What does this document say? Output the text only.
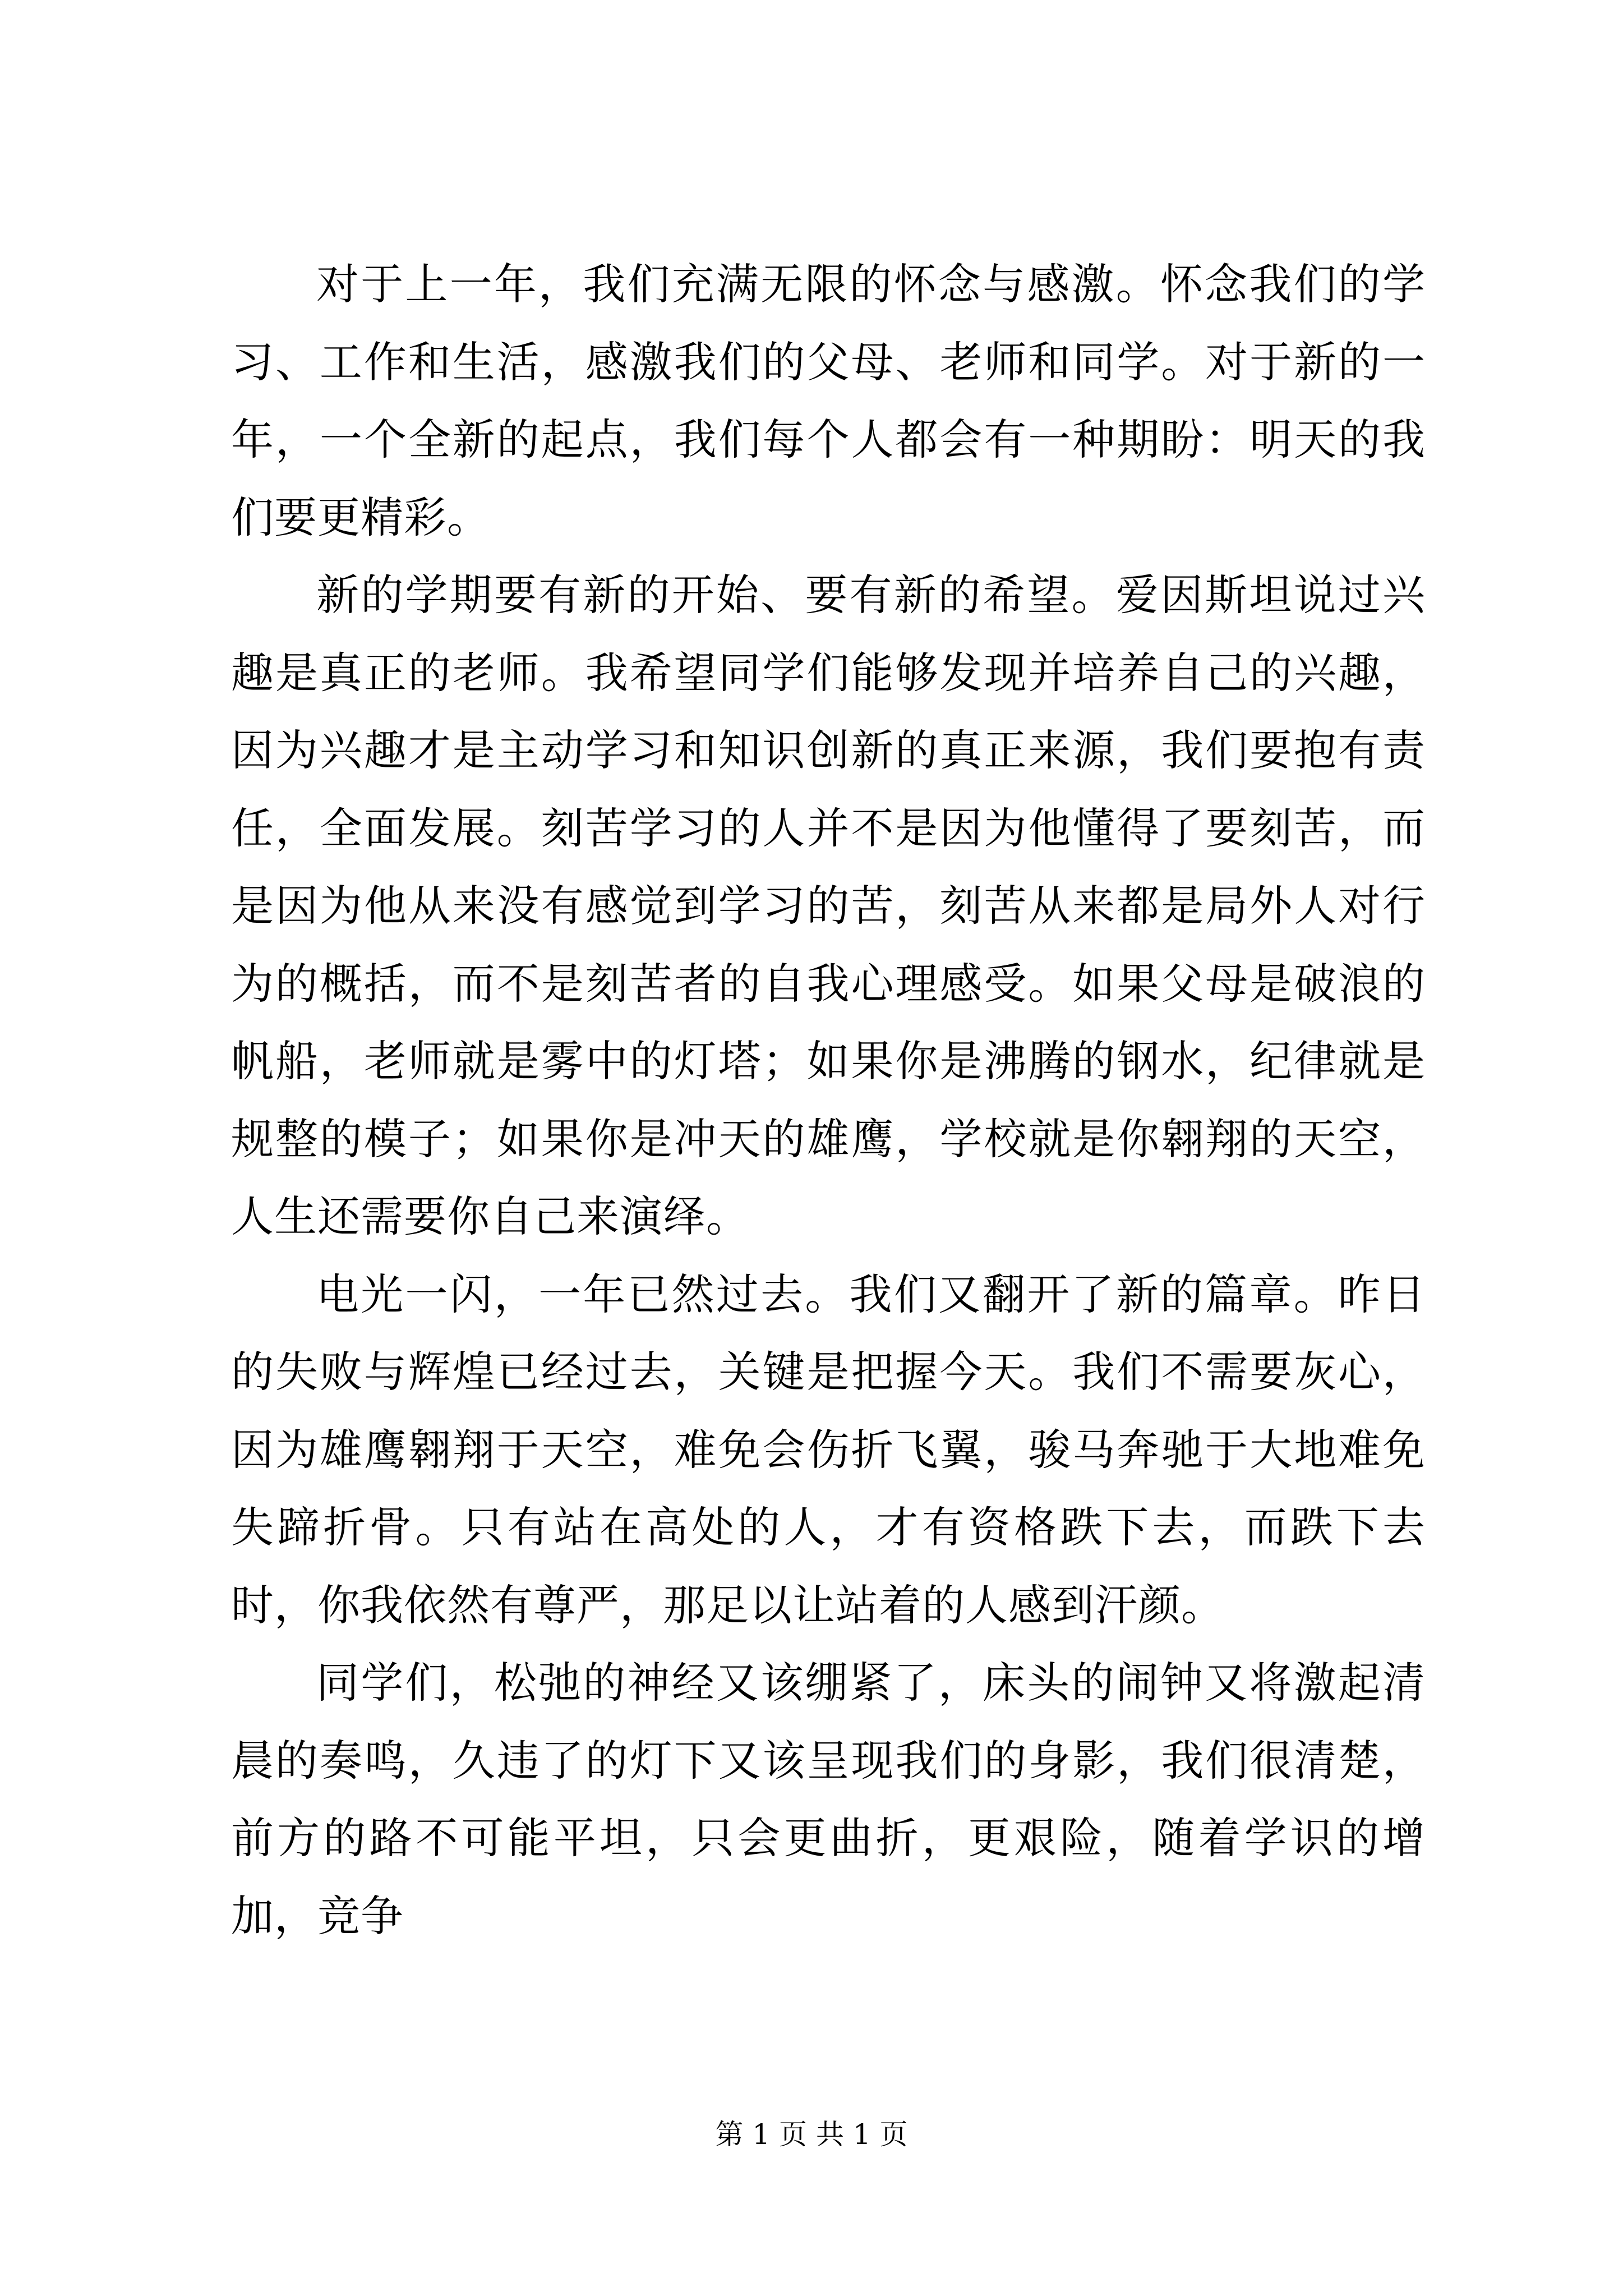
对于上一年，我们充满无限的怀念与感激。怀念我们的学习、工作和生活，感激我们的父母、老师和同学。对于新的一年，一个全新的起点，我们每个人都会有一种期盼：明天的我们要更精彩。

新的学期要有新的开始、要有新的希望。爱因斯坦说过兴趣是真正的老师。我希望同学们能够发现并培养自己的兴趣，因为兴趣才是主动学习和知识创新的真正来源，我们要抱有责任，全面发展。刻苦学习的人并不是因为他懂得了要刻苦，而是因为他从来没有感觉到学习的苦，刻苦从来都是局外人对行为的概括，而不是刻苦者的自我心理感受。如果父母是破浪的帆船，老师就是雾中的灯塔；如果你是沸腾的钢水，纪律就是规整的模子；如果你是冲天的雄鹰，学校就是你翱翔的天空，人生还需要你自己来演绎。

电光一闪，一年已然过去。我们又翻开了新的篇章。昨日的失败与辉煌已经过去，关键是把握今天。我们不需要灰心，因为雄鹰翱翔于天空，难免会伤折飞翼，骏马奔驰于大地难免失蹄折骨。只有站在高处的人，才有资格跌下去，而跌下去时，你我依然有尊严，那足以让站着的人感到汗颜。

同学们，松弛的神经又该绷紧了，床头的闹钟又将激起清晨的奏鸣，久违了的灯下又该呈现我们的身影，我们很清楚，前方的路不可能平坦，只会更曲折，更艰险，随着学识的增加，竞争

第 1 页 共 1 页
